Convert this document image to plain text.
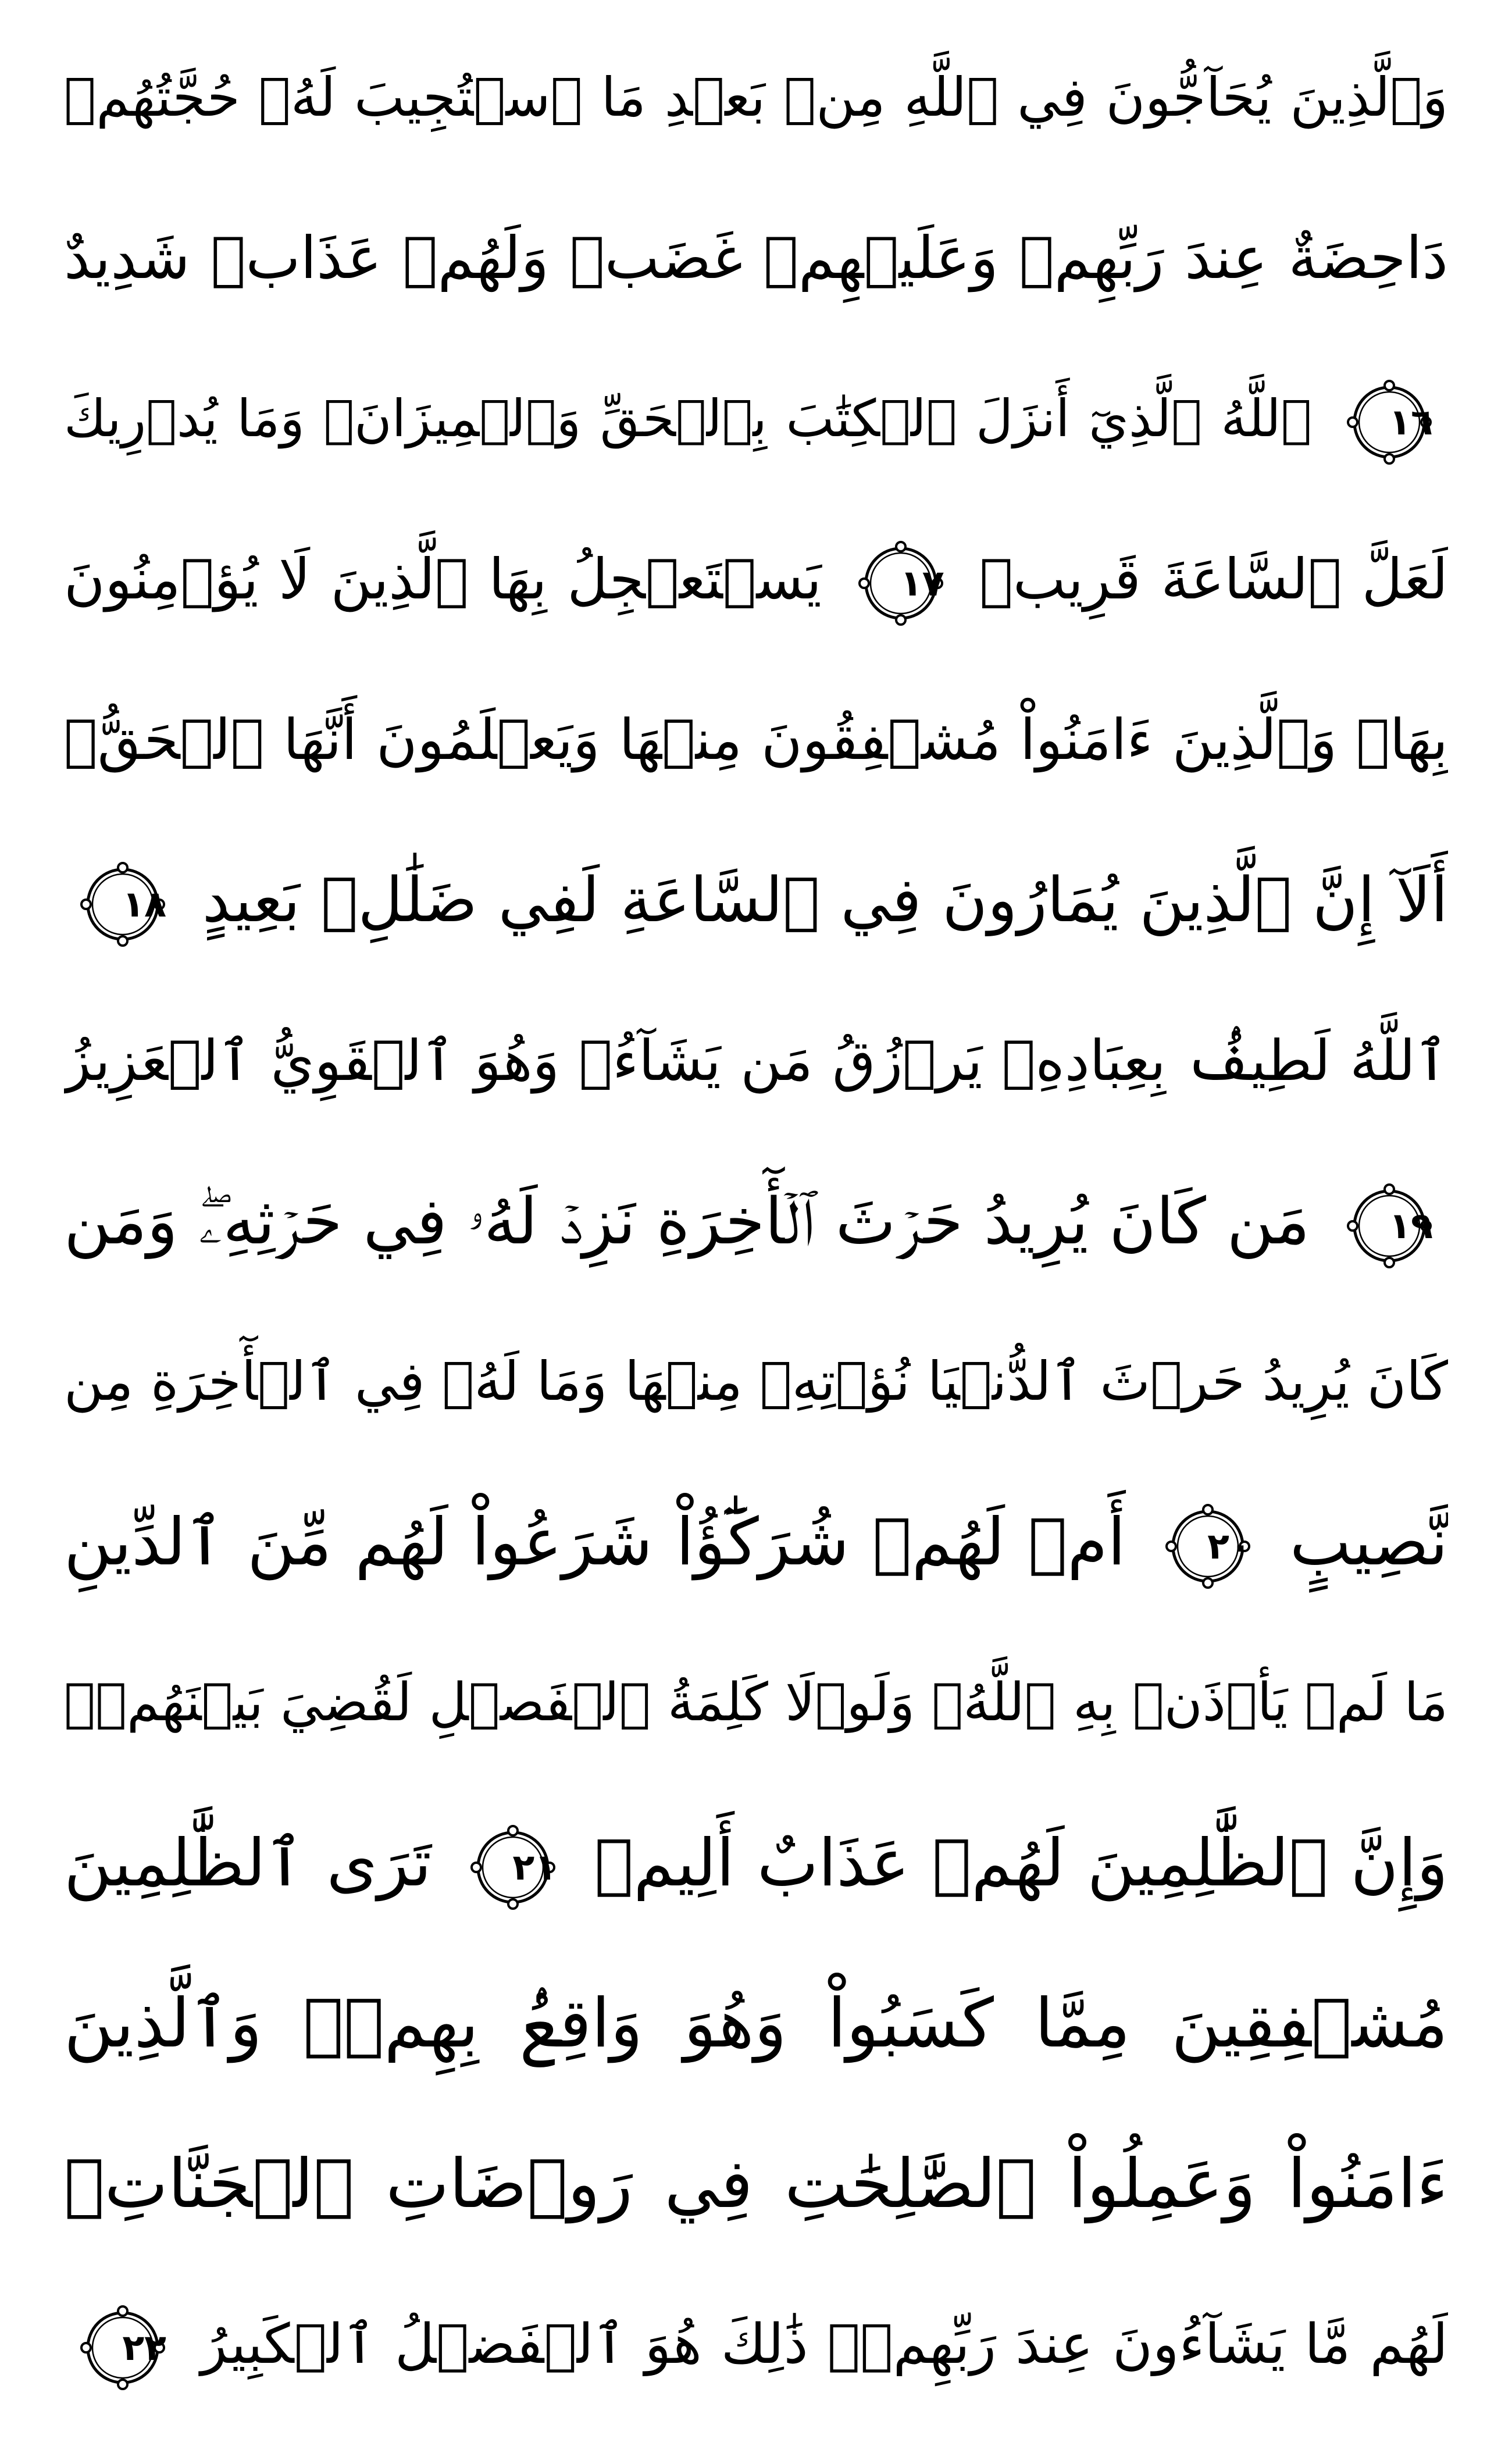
وَٱلَّذِينَ يُحَآجُّونَ فِي ٱللَّهِ مِنۢ بَعۡدِ مَا ٱسۡتُجِيبَ لَهُۥ حُجَّتُهُمۡ
دَاحِضَةٌ عِندَ رَبِّهِمۡ وَعَلَيۡهِمۡ غَضَبٞ وَلَهُمۡ عَذَابٞ شَدِيدٌ
١٦
ٱللَّهُ ٱلَّذِيٓ أَنزَلَ ٱلۡكِتَٰبَ بِٱلۡحَقِّ وَٱلۡمِيزَانَۗ وَمَا يُدۡرِيكَ
لَعَلَّ ٱلسَّاعَةَ قَرِيبٞ
١٧
يَسۡتَعۡجِلُ بِهَا ٱلَّذِينَ لَا يُؤۡمِنُونَ
بِهَاۖ وَٱلَّذِينَ ءَامَنُواْ مُشۡفِقُونَ مِنۡهَا وَيَعۡلَمُونَ أَنَّهَا ٱلۡحَقُّۗ
أَلَآ إِنَّ ٱلَّذِينَ يُمَارُونَ فِي ٱلسَّاعَةِ لَفِي ضَلَٰلِۭ بَعِيدٍ
١٨
ٱللَّهُ لَطِيفُۢ بِعِبَادِهِۦ يَرۡزُقُ مَن يَشَآءُۖ وَهُوَ ٱلۡقَوِيُّ ٱلۡعَزِيزُ
١٩
مَن كَانَ يُرِيدُ حَرۡثَ ٱلۡأٓخِرَةِ نَزِدۡ لَهُۥ فِي حَرۡثِهِۦۖ وَمَن
كَانَ يُرِيدُ حَرۡثَ ٱلدُّنۡيَا نُؤۡتِهِۦ مِنۡهَا وَمَا لَهُۥ فِي ٱلۡأٓخِرَةِ مِن
نَّصِيبٍ
٢٠
أَمۡ لَهُمۡ شُرَكَٰٓؤُاْ شَرَعُواْ لَهُم مِّنَ ٱلدِّينِ
مَا لَمۡ يَأۡذَنۢ بِهِ ٱللَّهُۚ وَلَوۡلَا كَلِمَةُ ٱلۡفَصۡلِ لَقُضِيَ بَيۡنَهُمۡۗ
وَإِنَّ ٱلظَّٰلِمِينَ لَهُمۡ عَذَابٌ أَلِيمٞ
٢١
تَرَى ٱلظَّٰلِمِينَ
مُشۡفِقِينَ مِمَّا كَسَبُواْ وَهُوَ وَاقِعُۢ بِهِمۡۗ وَٱلَّذِينَ
ءَامَنُواْ وَعَمِلُواْ ٱلصَّٰلِحَٰتِ فِي رَوۡضَاتِ ٱلۡجَنَّاتِۖ
لَهُم مَّا يَشَآءُونَ عِندَ رَبِّهِمۡۚ ذَٰلِكَ هُوَ ٱلۡفَضۡلُ ٱلۡكَبِيرُ
٢٢
